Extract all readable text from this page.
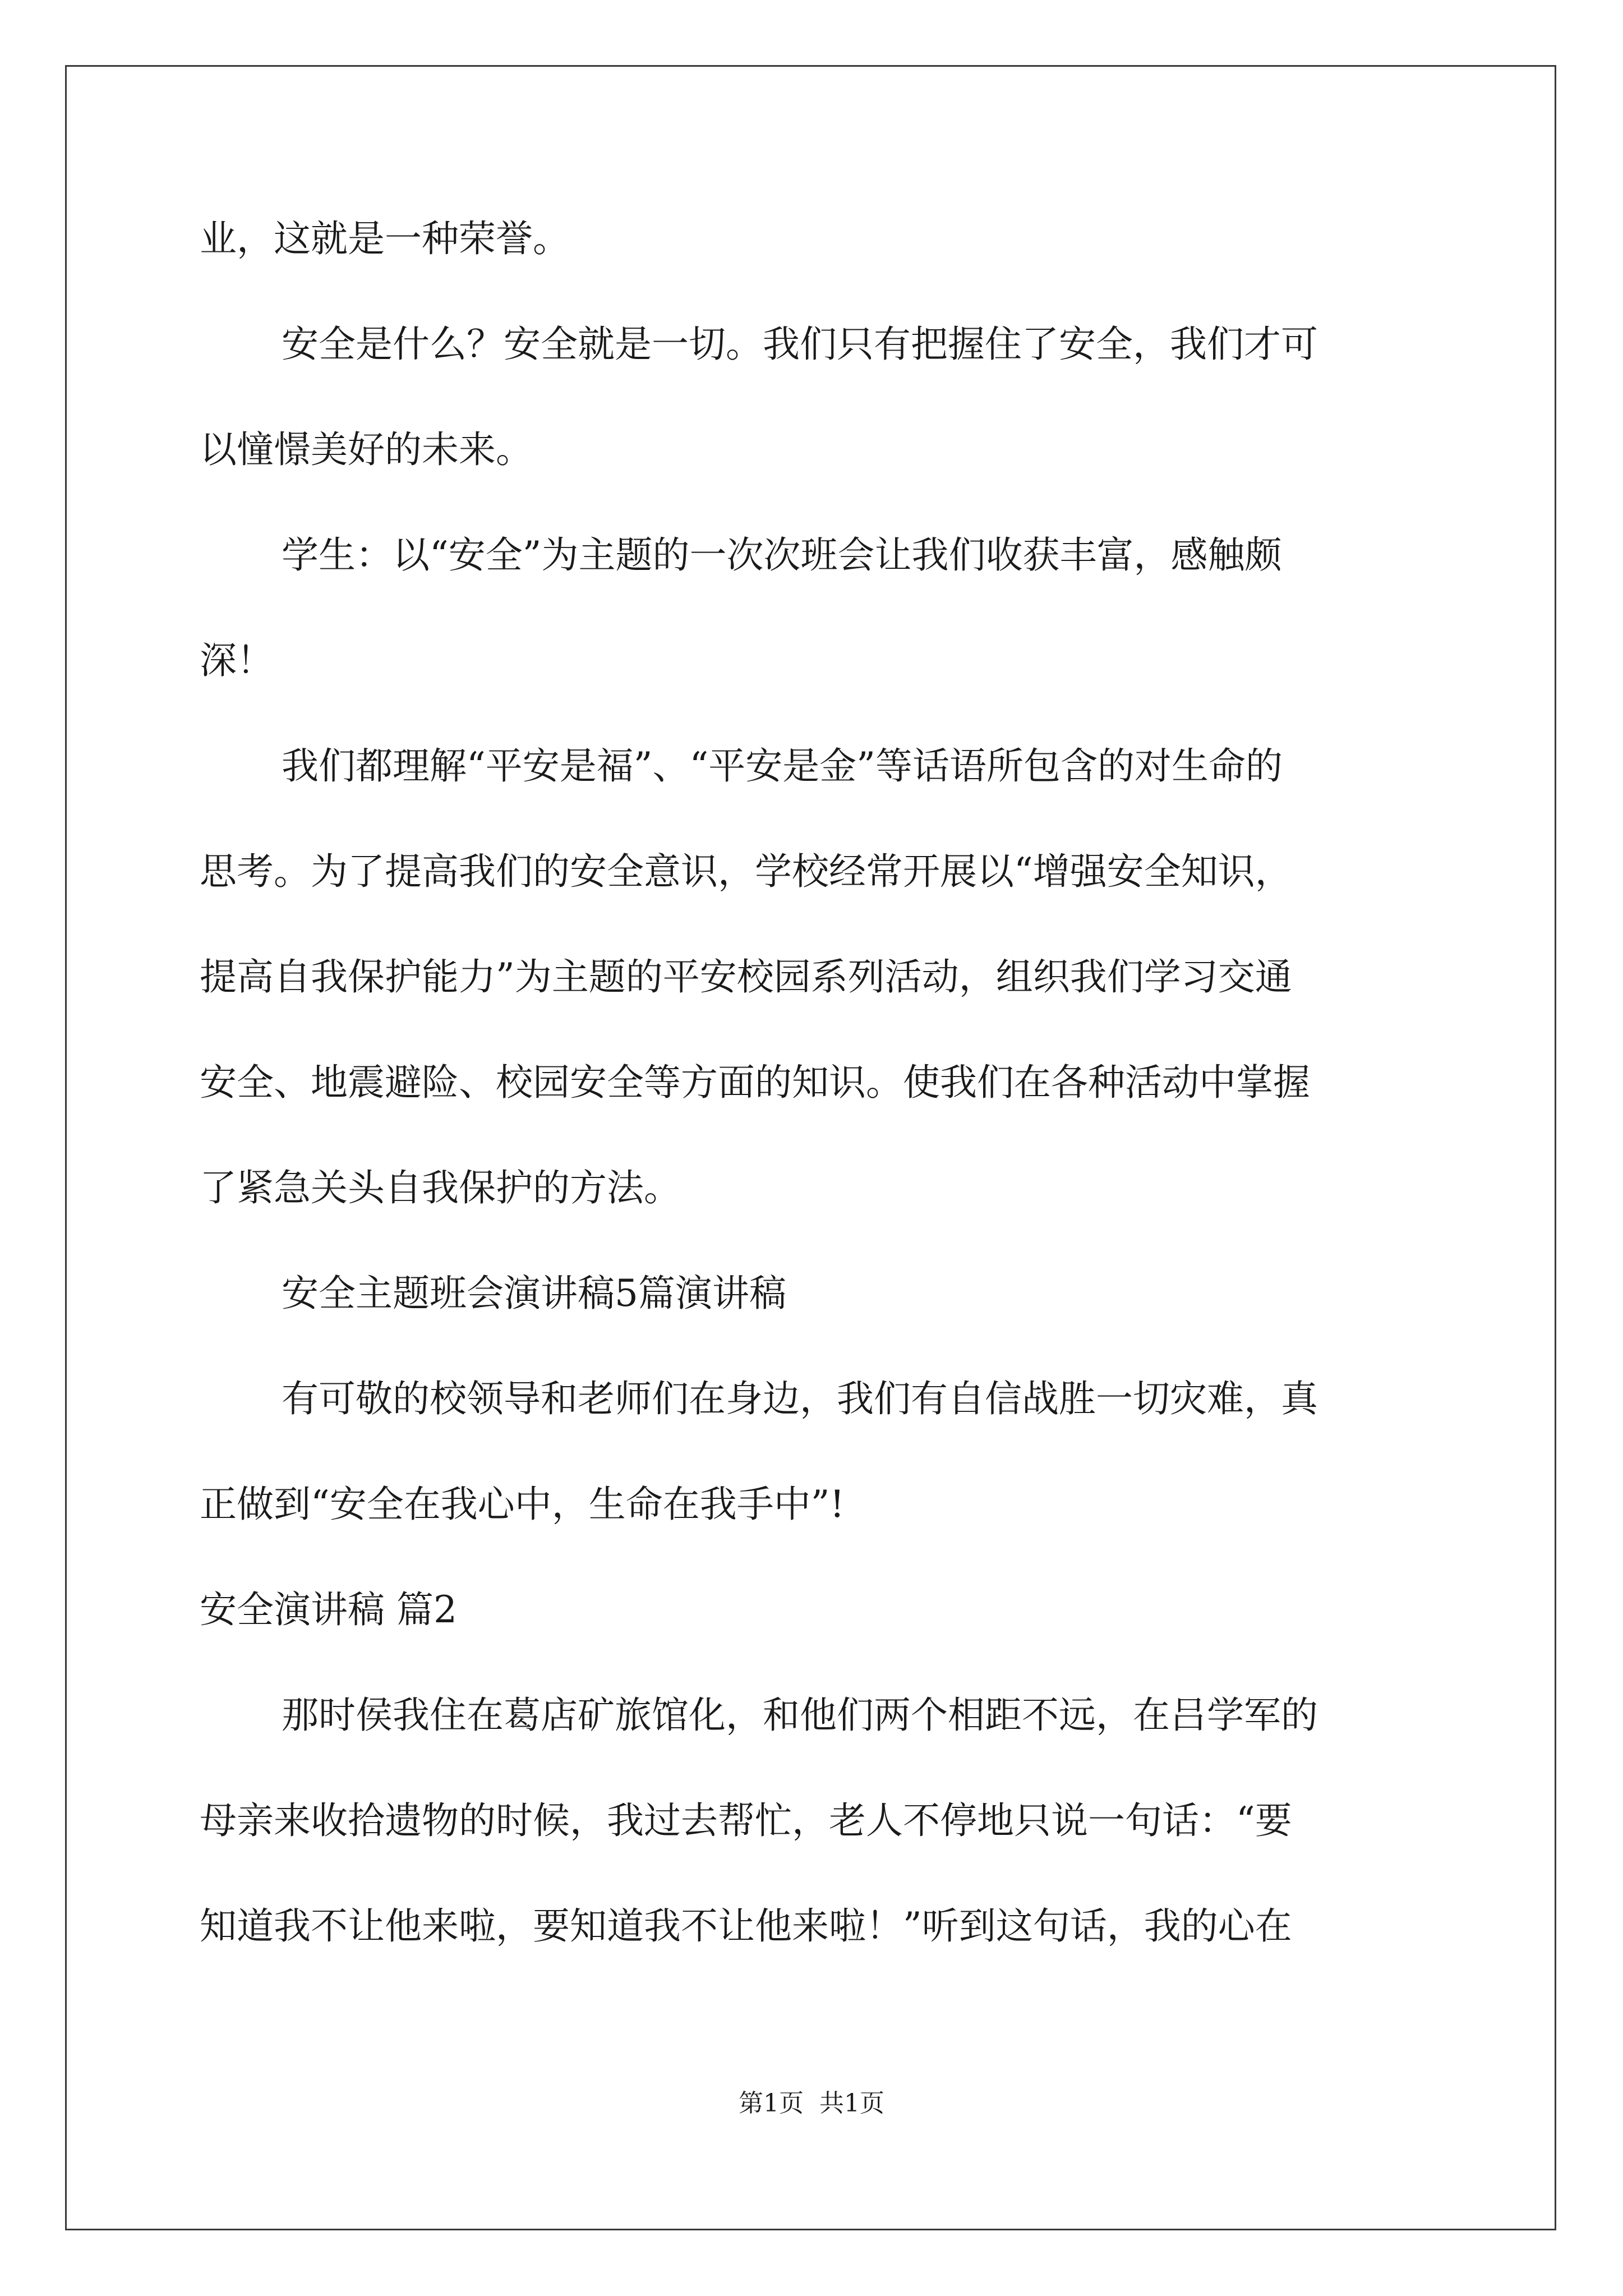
业，这就是一种荣誉。
安全是什么？安全就是一切。我们只有把握住了安全，我们才可
以憧憬美好的未来。
学生：以“安全”为主题的一次次班会让我们收获丰富，感触颇
深！
我们都理解“平安是福”、“平安是金”等话语所包含的对生命的
思考。为了提高我们的安全意识，学校经常开展以“增强安全知识，
提高自我保护能力”为主题的平安校园系列活动，组织我们学习交通
安全、地震避险、校园安全等方面的知识。使我们在各种活动中掌握
了紧急关头自我保护的方法。
安全主题班会演讲稿5篇演讲稿
有可敬的校领导和老师们在身边，我们有自信战胜一切灾难，真
正做到“安全在我心中，生命在我手中”!
安全演讲稿 篇2
那时侯我住在葛店矿旅馆化，和他们两个相距不远，在吕学军的
母亲来收拾遗物的时候，我过去帮忙，老人不停地只说一句话：“要
知道我不让他来啦，要知道我不让他来啦！”听到这句话，我的心在
第1页 共1页
